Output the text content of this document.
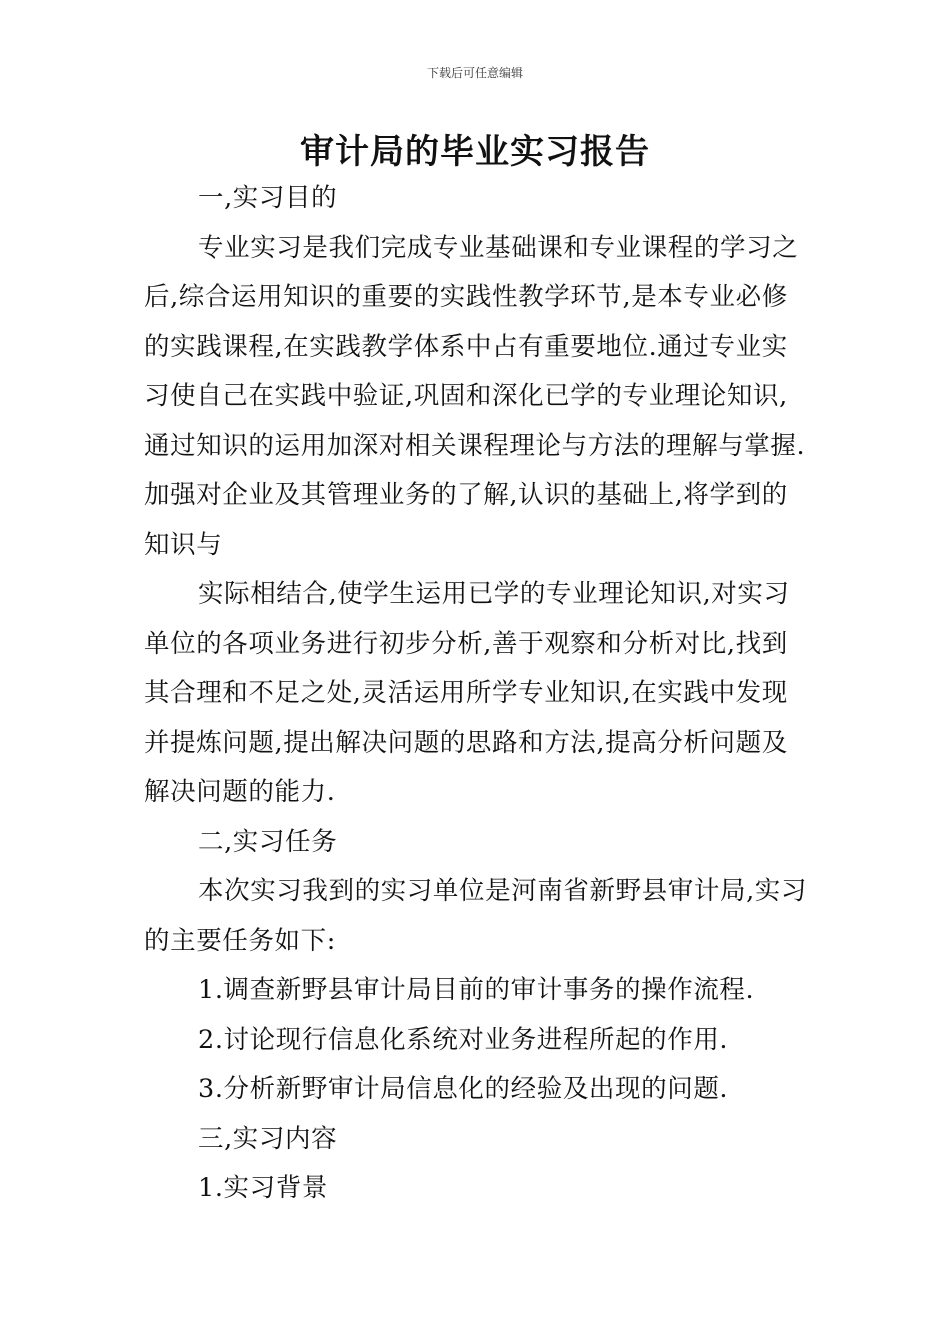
下载后可任意编辑
审计局的毕业实习报告
一,实习目的
专业实习是我们完成专业基础课和专业课程的学习之
后,综合运用知识的重要的实践性教学环节,是本专业必修
的实践课程,在实践教学体系中占有重要地位.通过专业实
习使自己在实践中验证,巩固和深化已学的专业理论知识,
通过知识的运用加深对相关课程理论与方法的理解与掌握.
加强对企业及其管理业务的了解,认识的基础上,将学到的
知识与
实际相结合,使学生运用已学的专业理论知识,对实习
单位的各项业务进行初步分析,善于观察和分析对比,找到
其合理和不足之处,灵活运用所学专业知识,在实践中发现
并提炼问题,提出解决问题的思路和方法,提高分析问题及
解决问题的能力.
二,实习任务
本次实习我到的实习单位是河南省新野县审计局,实习
的主要任务如下:
1.调查新野县审计局目前的审计事务的操作流程.
2.讨论现行信息化系统对业务进程所起的作用.
3.分析新野审计局信息化的经验及出现的问题.
三,实习内容
1.实习背景
